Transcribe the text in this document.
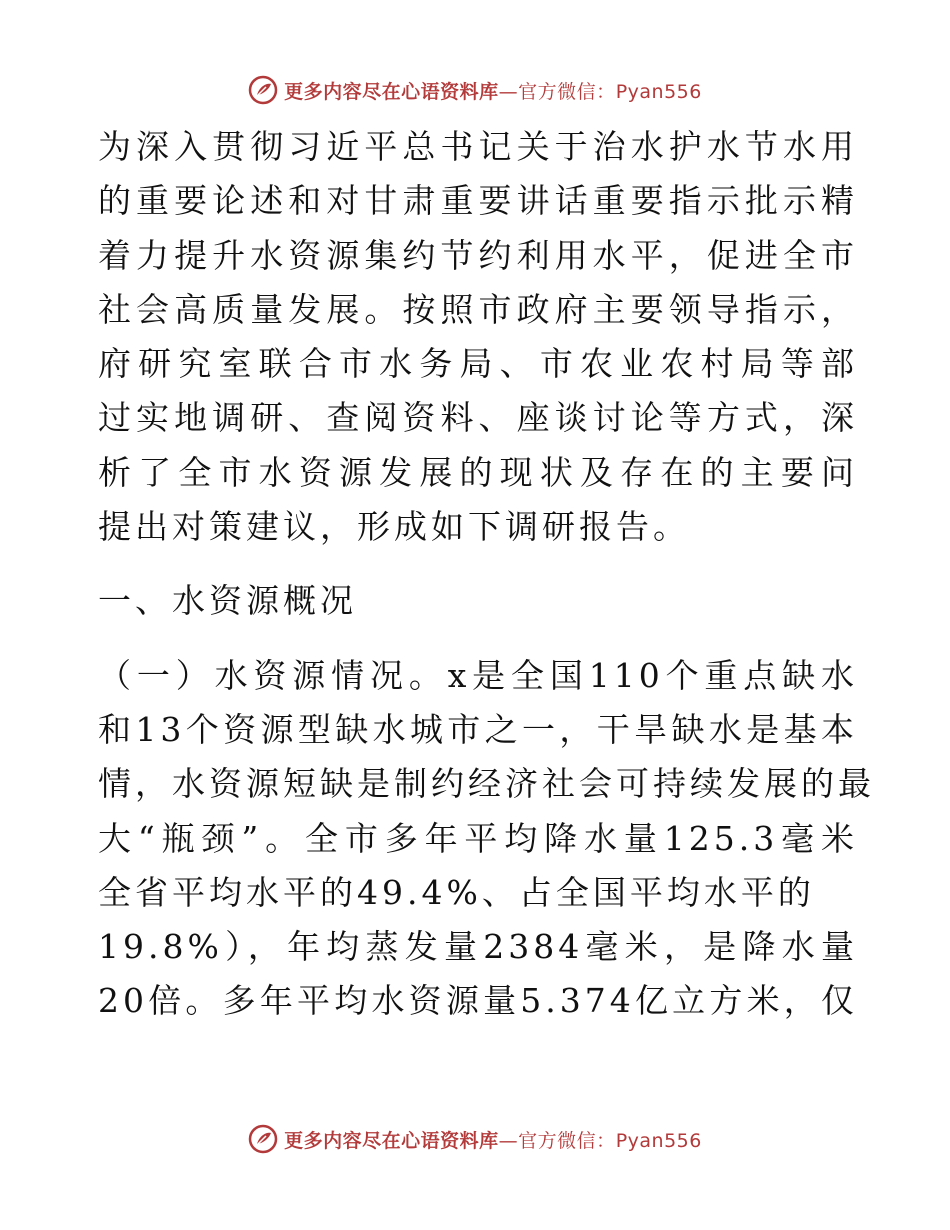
更多内容尽在心语资料库—官方微信：Pyan556
为深入贯彻习近平总书记关于治水护水节水用
的重要论述和对甘肃重要讲话重要指示批示精
着力提升水资源集约节约利用水平，促进全市
社会高质量发展。按照市政府主要领导指示，
府研究室联合市水务局、市农业农村局等部
过实地调研、查阅资料、座谈讨论等方式，深
析了全市水资源发展的现状及存在的主要问
提出对策建议，形成如下调研报告。
一、水资源概况
（一）水资源情况。x是全国110个重点缺水
和13个资源型缺水城市之一，干旱缺水是基本
情，水资源短缺是制约经济社会可持续发展的最
大“瓶颈”。全市多年平均降水量125.3毫米
全省平均水平的49.4%、占全国平均水平的
19.8%），年均蒸发量2384毫米，是降水量
20倍。多年平均水资源量5.374亿立方米，仅
更多内容尽在心语资料库—官方微信：Pyan556
